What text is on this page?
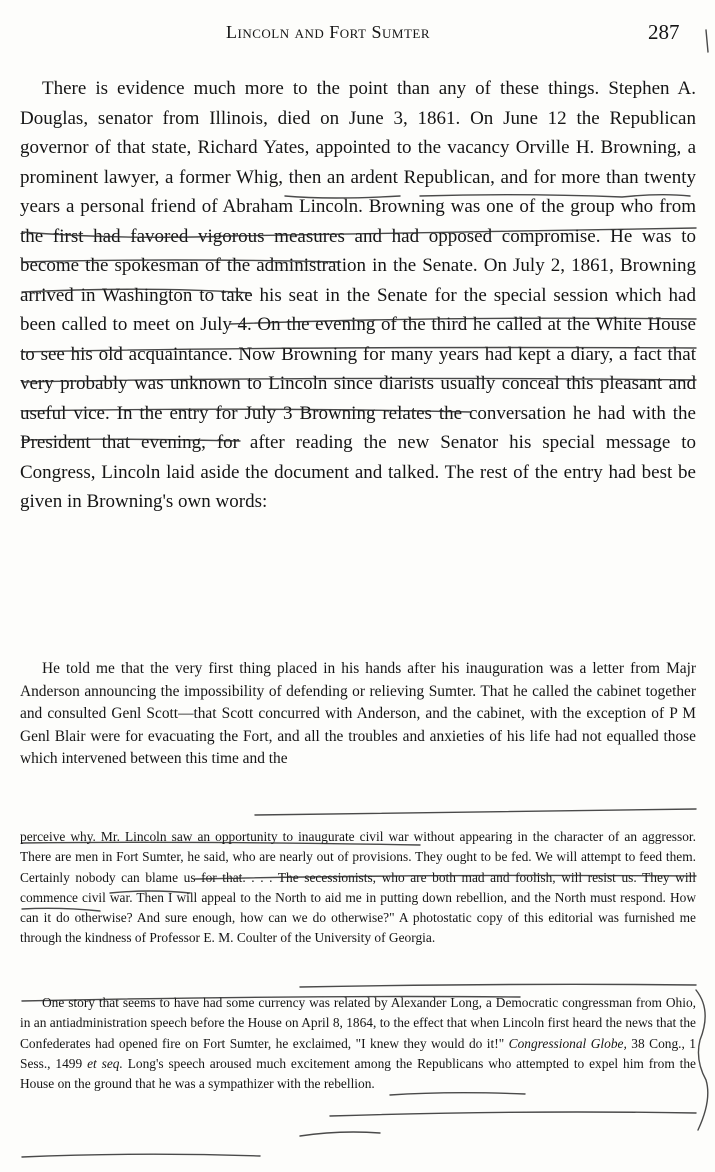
Lincoln and Fort Sumter	287

There is evidence much more to the point than any of these things. Stephen A. Douglas, senator from Illinois, died on June 3, 1861. On June 12 the Republican governor of that state, Richard Yates, appointed to the vacancy Orville H. Browning, a prominent lawyer, a former Whig, then an ardent Republican, and for more than twenty years a personal friend of Abraham Lincoln. Browning was one of the group who from the first had favored vigorous measures and had opposed compromise. He was to become the spokesman of the administration in the Senate. On July 2, 1861, Browning arrived in Washington to take his seat in the Senate for the special session which had been called to meet on July 4. On the evening of the third he called at the White House to see his old acquaintance. Now Browning for many years had kept a diary, a fact that very probably was unknown to Lincoln since diarists usually conceal this pleasant and useful vice. In the entry for July 3 Browning relates the conversation he had with the President that evening, for after reading the new Senator his special message to Congress, Lincoln laid aside the document and talked. The rest of the entry had best be given in Browning's own words:

He told me that the very first thing placed in his hands after his inauguration was a letter from Majr Anderson announcing the impossibility of defending or relieving Sumter. That he called the cabinet together and consulted Genl Scott—that Scott concurred with Anderson, and the cabinet, with the exception of P M Genl Blair were for evacuating the Fort, and all the troubles and anxieties of his life had not equalled those which intervened between this time and the

perceive why. Mr. Lincoln saw an opportunity to inaugurate civil war without appearing in the character of an aggressor. There are men in Fort Sumter, he said, who are nearly out of provisions. They ought to be fed. We will attempt to feed them. Certainly nobody can blame us for that. . . . The secessionists, who are both mad and foolish, will resist us. They will commence civil war. Then I will appeal to the North to aid me in putting down rebellion, and the North must respond. How can it do otherwise? And sure enough, how can we do otherwise?" A photostatic copy of this editorial was furnished me through the kindness of Professor E. M. Coulter of the University of Georgia.

One story that seems to have had some currency was related by Alexander Long, a Democratic congressman from Ohio, in an antiadministration speech before the House on April 8, 1864, to the effect that when Lincoln first heard the news that the Confederates had opened fire on Fort Sumter, he exclaimed, "I knew they would do it!" Congressional Globe, 38 Cong., 1 Sess., 1499 et seq. Long's speech aroused much excitement among the Republicans who attempted to expel him from the House on the ground that he was a sympathizer with the rebellion.
